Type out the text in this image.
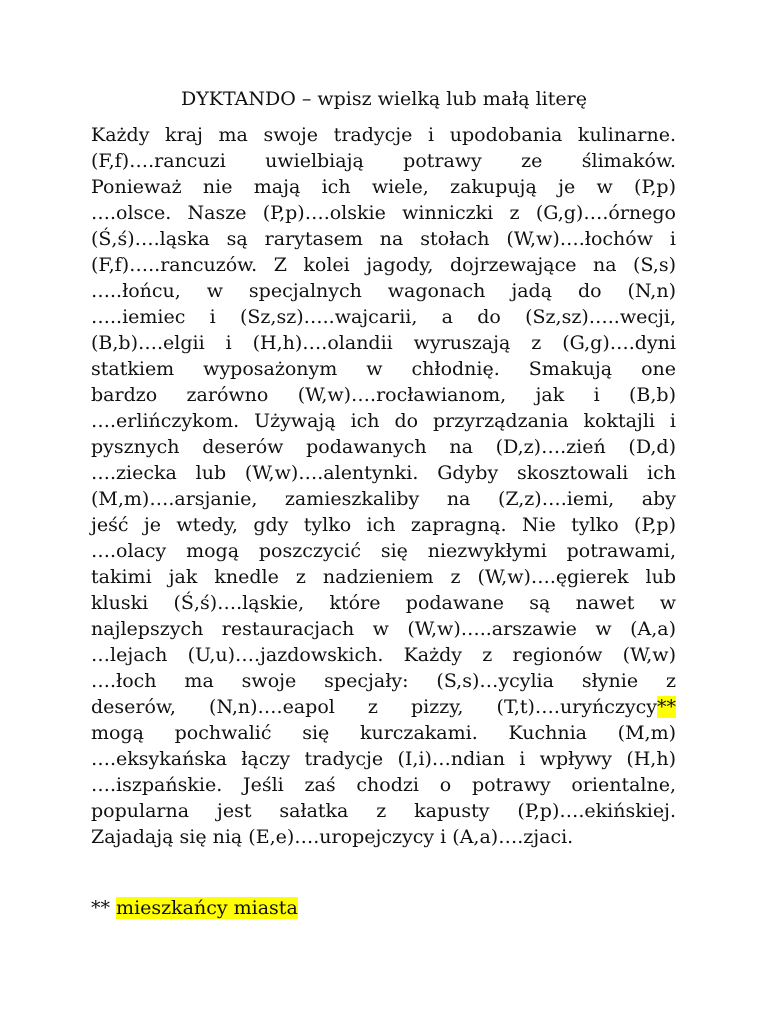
DYKTANDO – wpisz wielką lub małą literę
Każdy kraj ma swoje tradycje i upodobania kulinarne.
(F,f)….rancuzi uwielbiają potrawy ze ślimaków.
Ponieważ nie mają ich wiele, zakupują je w (P,p)
….olsce. Nasze (P,p)….olskie winniczki z (G,g)….órnego
(Ś,ś)….ląska są rarytasem na stołach (W,w)….łochów i
(F,f)…..rancuzów. Z kolei jagody, dojrzewające na (S,s)
…..łońcu, w specjalnych wagonach jadą do (N,n)
…..iemiec i (Sz,sz)…..wajcarii, a do (Sz,sz)…..wecji,
(B,b)….elgii i (H,h)….olandii wyruszają z (G,g)….dyni
statkiem wyposażonym w chłodnię. Smakują one
bardzo zarówno (W,w)….rocławianom, jak i (B,b)
….erlińczykom. Używają ich do przyrządzania koktajli i
pysznych deserów podawanych na (D,z)….zień (D,d)
….ziecka lub (W,w)….alentynki. Gdyby skosztowali ich
(M,m)….arsjanie, zamieszkaliby na (Z,z)….iemi, aby
jeść je wtedy, gdy tylko ich zapragną. Nie tylko (P,p)
….olacy mogą poszczycić się niezwykłymi potrawami,
takimi jak knedle z nadzieniem z (W,w)….ęgierek lub
kluski (Ś,ś)….ląskie, które podawane są nawet w
najlepszych restauracjach w (W,w)…..arszawie w (A,a)
…lejach (U,u)….jazdowskich. Każdy z regionów (W,w)
….łoch ma swoje specjały: (S,s)…ycylia słynie z
deserów, (N,n)….eapol z pizzy, (T,t)….uryńczycy**
mogą pochwalić się kurczakami. Kuchnia (M,m)
….eksykańska łączy tradycje (I,i)…ndian i wpływy (H,h)
….iszpańskie. Jeśli zaś chodzi o potrawy orientalne,
popularna jest sałatka z kapusty (P,p)….ekińskiej.
Zajadają się nią (E,e)….uropejczycy i (A,a)….zjaci.
** mieszkańcy miasta
